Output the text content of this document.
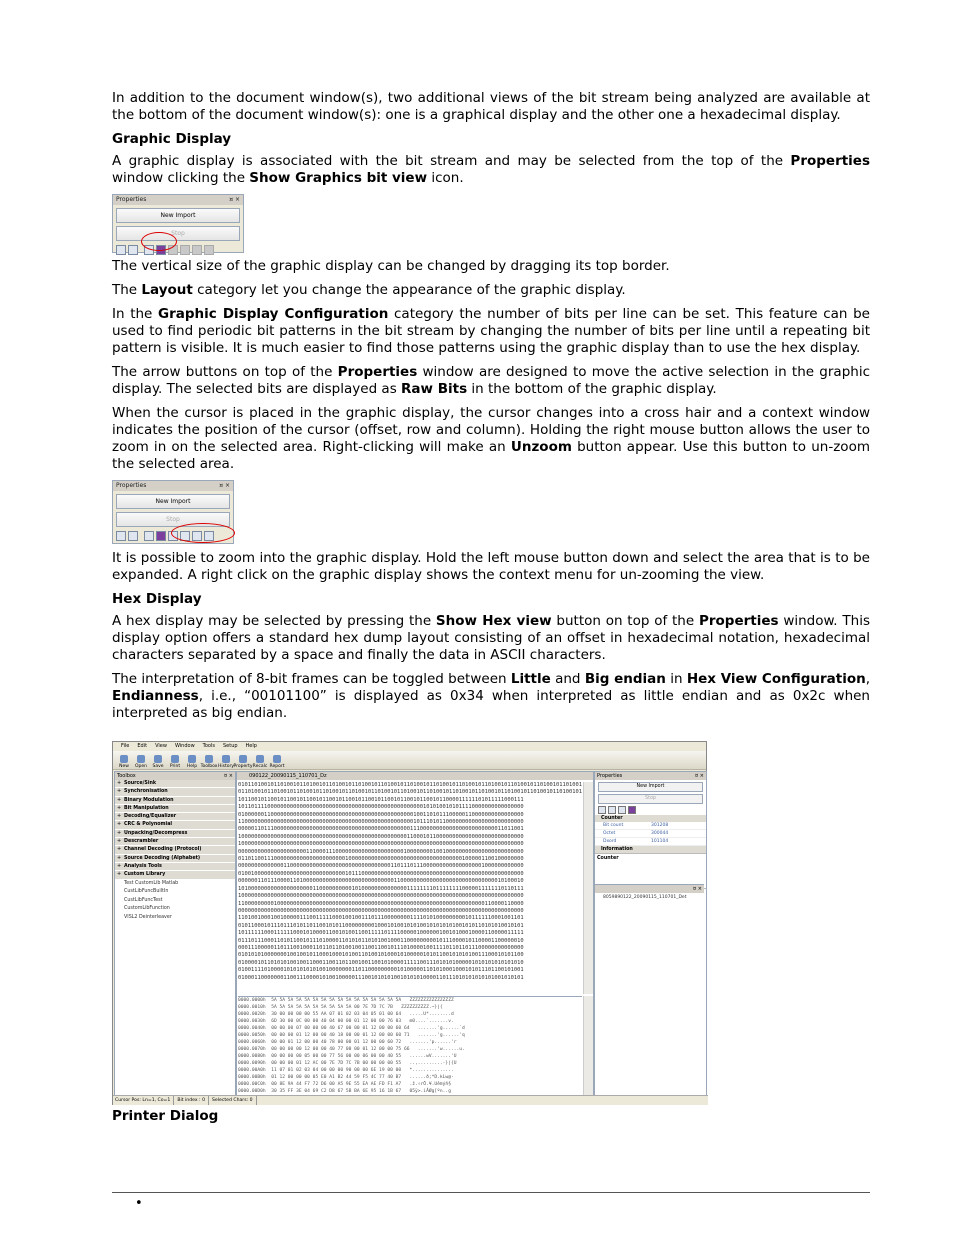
In addition to the document window(s), two additional views of the bit stream being analyzed are available at the bottom of the document window(s): one is a graphical display and the other one a hexadecimal display.

Graphic Display

A graphic display is associated with the bit stream and may be selected from the top of the Properties window clicking the Show Graphics bit view icon.

Properties	¤ ×
New Import
Stop

The vertical size of the graphic display can be changed by dragging its top border.

The Layout category let you change the appearance of the graphic display.

In the Graphic Display Configuration category the number of bits per line can be set. This feature can be used to find periodic bit patterns in the bit stream by changing the number of bits per line until a repeating bit pattern is visible. It is much easier to find those patterns using the graphic display than to use the hex display.

The arrow buttons on top of the Properties window are designed to move the active selection in the graphic display. The selected bits are displayed as Raw Bits in the bottom of the graphic display.

When the cursor is placed in the graphic display, the cursor changes into a cross hair and a context window indicates the position of the cursor (offset, row and column). Holding the right mouse button allows the user to zoom in on the selected area. Right-clicking will make an Unzoom button appear. Use this button to un-zoom the selected area.

Properties	¤ ×
New Import
Stop

It is possible to zoom into the graphic display. Hold the left mouse button down and select the area that is to be expanded. A right click on the graphic display shows the context menu for un-zooming the view.

Hex Display

A hex display may be selected by pressing the Show Hex view button on top of the Properties window. This display option offers a standard hex dump layout consisting of an offset in hexadecimal notation, hexadecimal characters separated by a space and finally the data in ASCII characters.

The interpretation of 8-bit frames can be toggled between Little and Big endian in Hex View Configuration, Endianness, i.e., “00101100” is displayed as 0x34 when interpreted as little endian and as 0x2c when interpreted as big endian.

File Edit View Window Tools Setup Help
New Open Save Print Help Toolbox History Property Recalc Report
Toolbox	¤ ×
+ Source/Sink
+ Synchronisation
+ Binary Modulation
+ Bit Manipulation
+ Decoding/Equalizer
+ CRC & Polynomial
+ Unpacking/Decompress
+ Descrambler
+ Channel Decoding (Protocol)
+ Source Decoding (Alphabet)
+ Analysis Tools
+ Custom Library
Test CustomLib Matlab
CustLibFuncBuiltIn
CustLibFuncTest
CustomLibFunction
VISL2 Deinterleaver
090122_20090115_110701_Dz
0101101001011010010110100101101001011010010110100101101001011010010110100101101001011010010110100101101001
0110100101101001011010010110100101101001011010010110100101101001011010010110100101101001011010010110100101
1011001011001011001011001011001011001011001011001011001011001011000011111101011111000111
1011011110000000000000000000000000000000000000000000000001010100101011110000000000000000
0100000011000000000000000000000000000000000000000000001001101011100000110000000000000000
1100000000000000000000000000000000000000000000000000001011101011000000000000000000000000
0000011011100000000000000000000000000000000000000000011100000000000000000000000011011001
1000000000000000000000000000000000000000000000000000110001011000000000000000000000000000
1000000000000000000000000000000000000000000000000000000000000000000000000000000000000000
0000000000000000000001100001110000000000000000000001000000001001000000000000000000000000
0110110011100000000000000000000001000000000000000000000000000000000001000001100100000000
0000000000000011000000000000000000000000000000011011101110000000000000000001000000000000
0100100000000000000000000000000001011100000000000000000000000000000000000000000000000000
0000001101110000110100000000000000000000000000001100000000000000000000000000000010100010
1010000000000000000000011000000000010100000000000000111111110111111110000011111110110111
1000000000000000000000000000000000000000000000000000000000000000000000000000000000000000
1100000000010000000000000000000000000000000000000000000000000000000000000000110000110000
0000000000000000000000000000000000000000000000000000000000000000000000000000000000000000
1101001000100100000111001111100010010011101110000000011110101000000000101111110001001101
0101100010111011101011011001010110000000001000101001010100101010101001010110101010010101
1011111100011111100010100001100101001100111110111100000100000010010100010000110000011111
0111011100011010110010111010000110101011010100100011000000000101110000101100001100000010
0001110000011011100100011011011010010011001100101110100001001111011011011100000000000000
0101010100000001001001011000100010100110100101000101000001010110010101010011100010101100
0100001011010101001001100011001101100100110010100001111100111010101000001010101010101010
0100111101000010101010101001000000011011000000000101000001101010001000101011101100101001
0100011000000011001110000101001000001110010101010010101010000110111010101010101001010101
0000.0000h  5A 5A 5A 5A 5A 5A 5A 5A 5A 5A 5A 5A 5A 5A 5A 5A   ZZZZZZZZZZZZZZZZ
0000.0010h  5A 5A 5A 5A 5A 5A 5A 5A 5A 5A 00 7E 7D 7C 7B   ZZZZZZZZZZ.~}|{
0000.0020h  30 00 00 00 00 55 AA 07 01 02 03 04 05 01 00 64   .....U*........d
0000.0030h  6D 30 00 0C 00 00 40 04 00 00 01 12 00 00 76 03   m0....`.......v.
0000.0040h  00 00 00 07 00 00 00 40 67 00 00 01 12 00 00 60 64   .......'g......`d
0000.0050h  00 00 00 01 12 00 00 40 18 00 00 01 12 00 00 60 71   .......'g......'q
0000.0060h  00 00 01 12 00 00 40 78 00 00 01 12 00 00 60 72   .......'p......'r
0000.0070h  00 00 00 00 12 00 00 40 77 00 00 01 12 00 00 75 66   .......'w......u.
0000.0080h  00 00 00 00 05 00 00 77 56 00 00 06 00 00 40 55   ......wV.......'U
0000.0090h  00 00 00 01 12 AC 00 7E 7D 7C 7B 00 00 00 00 55   ..,.........-}|{U
0000.00A0h  11 07 01 02 03 04 00 00 00 90 00 00 6E 19 00 00   *...............
0000.00B0h  01 12 00 00 00 05 E0 A1 B2 44 59 F5 4C 77 40 B7   ......ð;*D.kLw@·
0000.00C0h  00 8E 9A 44 F7 72 D6 00 A5 9E 55 EA AE FD F1 A7   .ž.÷rÖ.¥.Uê®ýñ§
0000.00D0h  30 35 FF 3E 04 69 C2 D8 67 5B BA 6E 95 16 1B 67   05ÿ>.iÂØg[ºn..g
Properties	¤ ×
New Import
Stop
Counter
Bit count	301208
Octet	300044
Dxord	101104
Information
Counter
¤ ×
8059890122_20090115_110701_Det
Cursor Pos: Ln=1, Co=1	Bit index : 0	Selected Chars: 0
Printer Dialog
•
